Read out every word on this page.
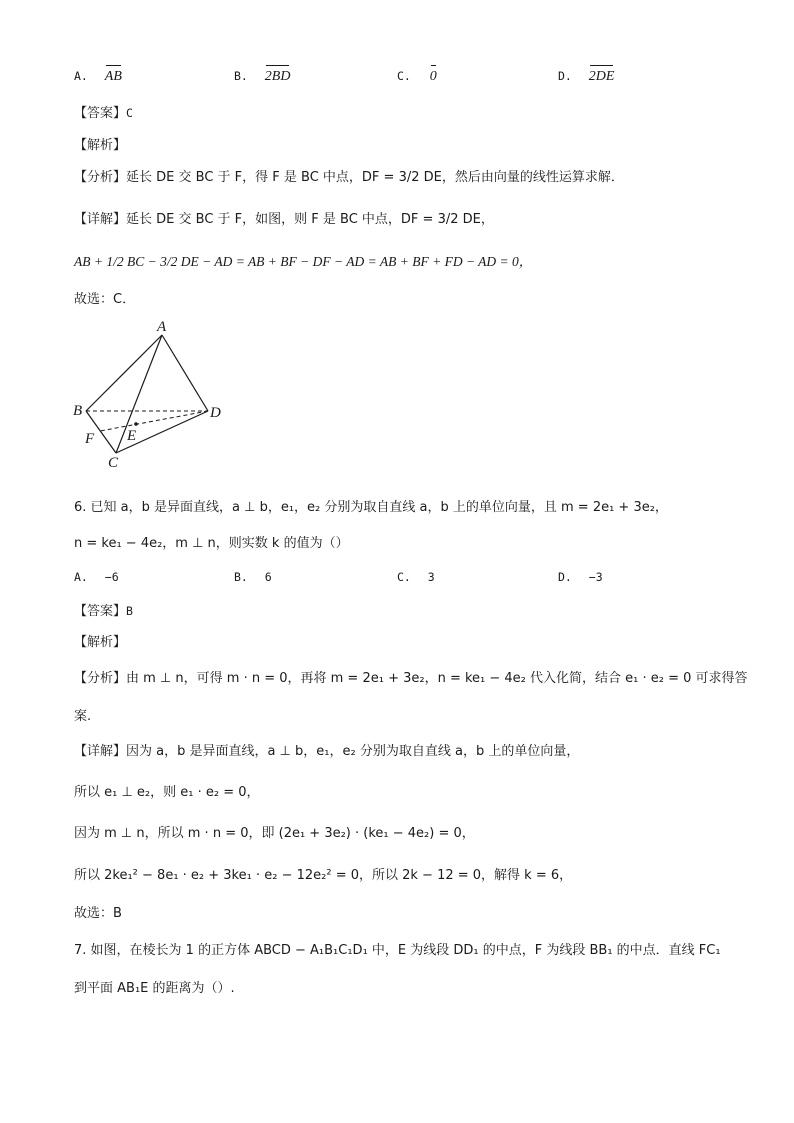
A. AB	B. 2BD	C. 0	D. 2DE
【答案】C
【解析】
【分析】延长 DE 交 BC 于 F，得 F 是 BC 中点，DF = 3/2 DE，然后由向量的线性运算求解．
【详解】延长 DE 交 BC 于 F，如图，则 F 是 BC 中点，DF = 3/2 DE，
AB + 1/2 BC − 3/2 DE − AD = AB + BF − DF − AD = AB + BF + FD − AD = 0，
故选：C．
A
B	D
E
F
C
6. 已知 a，b 是异面直线，a ⊥ b，e₁，e₂ 分别为取自直线 a，b 上的单位向量，且 m = 2e₁ + 3e₂，
n = ke₁ − 4e₂，m ⊥ n，则实数 k 的值为（）
A. −6	B. 6	C. 3	D. −3
【答案】B
【解析】
【分析】由 m ⊥ n，可得 m · n = 0，再将 m = 2e₁ + 3e₂，n = ke₁ − 4e₂ 代入化简，结合 e₁ · e₂ = 0 可求得答
案.
【详解】因为 a，b 是异面直线，a ⊥ b，e₁，e₂ 分别为取自直线 a，b 上的单位向量，
所以 e₁ ⊥ e₂，则 e₁ · e₂ = 0，
因为 m ⊥ n，所以 m · n = 0，即 (2e₁ + 3e₂) · (ke₁ − 4e₂) = 0，
所以 2ke₁² − 8e₁ · e₂ + 3ke₁ · e₂ − 12e₂² = 0，所以 2k − 12 = 0，解得 k = 6，
故选：B
7. 如图，在棱长为 1 的正方体 ABCD − A₁B₁C₁D₁ 中，E 为线段 DD₁ 的中点，F 为线段 BB₁ 的中点．直线 FC₁
到平面 AB₁E 的距离为（）.
